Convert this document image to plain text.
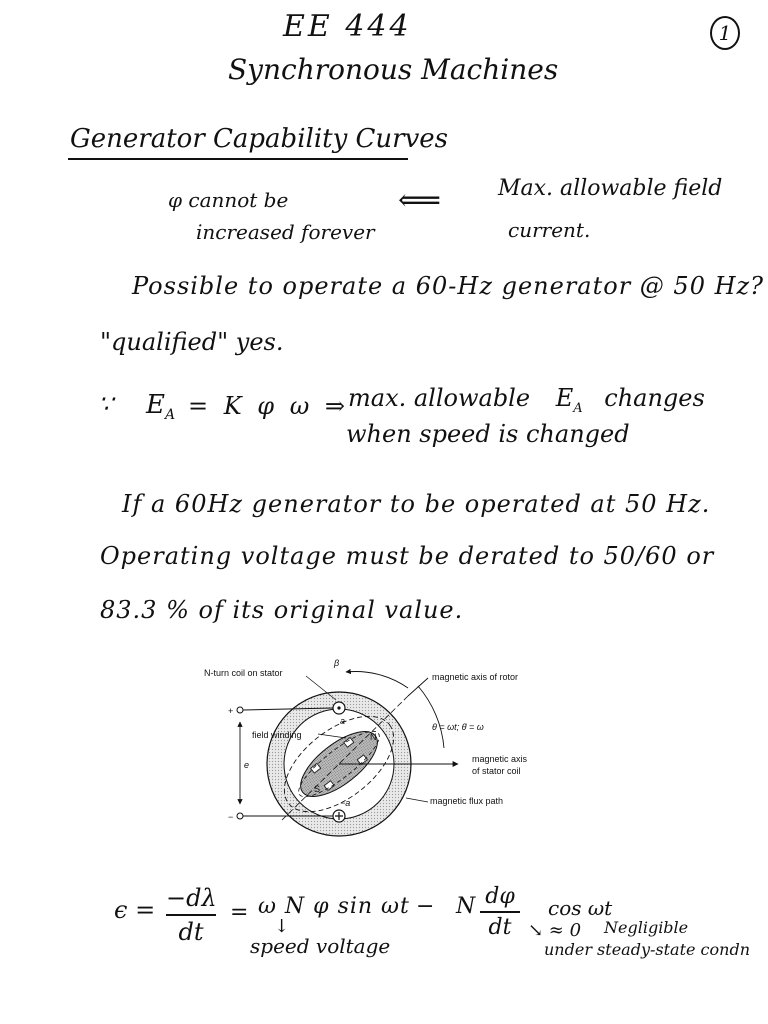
EE 444	1
Synchronous Machines
Generator Capability Curves
φ cannot be
increased forever
⟸	Max. allowable field
current.
Possible to operate a 60-Hz generator @ 50 Hz?
"qualified" yes.
∵ $E_A = K$ φ ω ⇒
max. allowable $E_A$ changes
when speed is changed
If a 60Hz generator to be operated at 50 Hz.
Operating voltage must be derated to 50/60 or
83.3 % of its original value.
N-turn coil on stator
β
magnetic axis of rotor
θ = ωt; θ̇ = ω
field winding
magnetic axis
of stator coil
magnetic flux path
+
−
e
a
−a
N
S
ϵ = −dλ
dt
= ω N φ sin ωt − N dφ
dt
cos ωt
↘ ≈ 0 Negligible
under steady-state condn
↓
speed voltage
